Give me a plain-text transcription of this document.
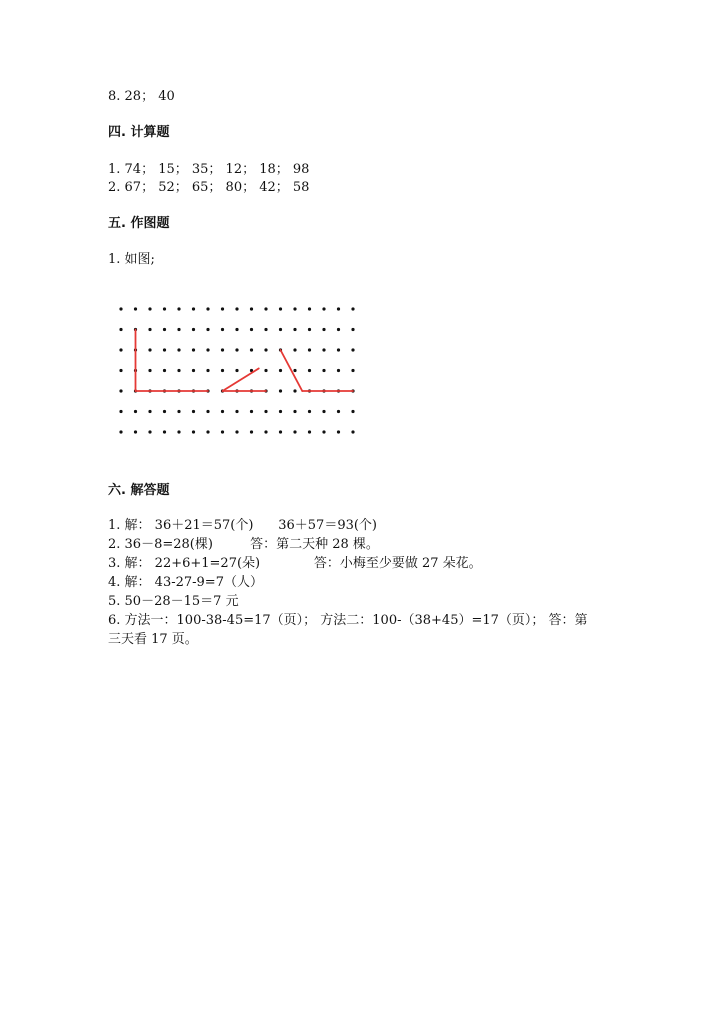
8. 28； 40
四. 计算题
1. 74； 15； 35； 12； 18； 98
2. 67； 52； 65； 80； 42； 58
五. 作图题
1. 如图;
六. 解答题
1. 解： 36＋21＝57(个)      36＋57＝93(个)
2. 36－8=28(棵)         答：第二天种 28 棵。
3. 解： 22+6+1=27(朵)             答：小梅至少要做 27 朵花。
4. 解： 43-27-9=7（人）
5. 50－28－15＝7 元
6. 方法一：100-38-45=17（页）； 方法二：100-（38+45）=17（页）； 答：第
三天看 17 页。
